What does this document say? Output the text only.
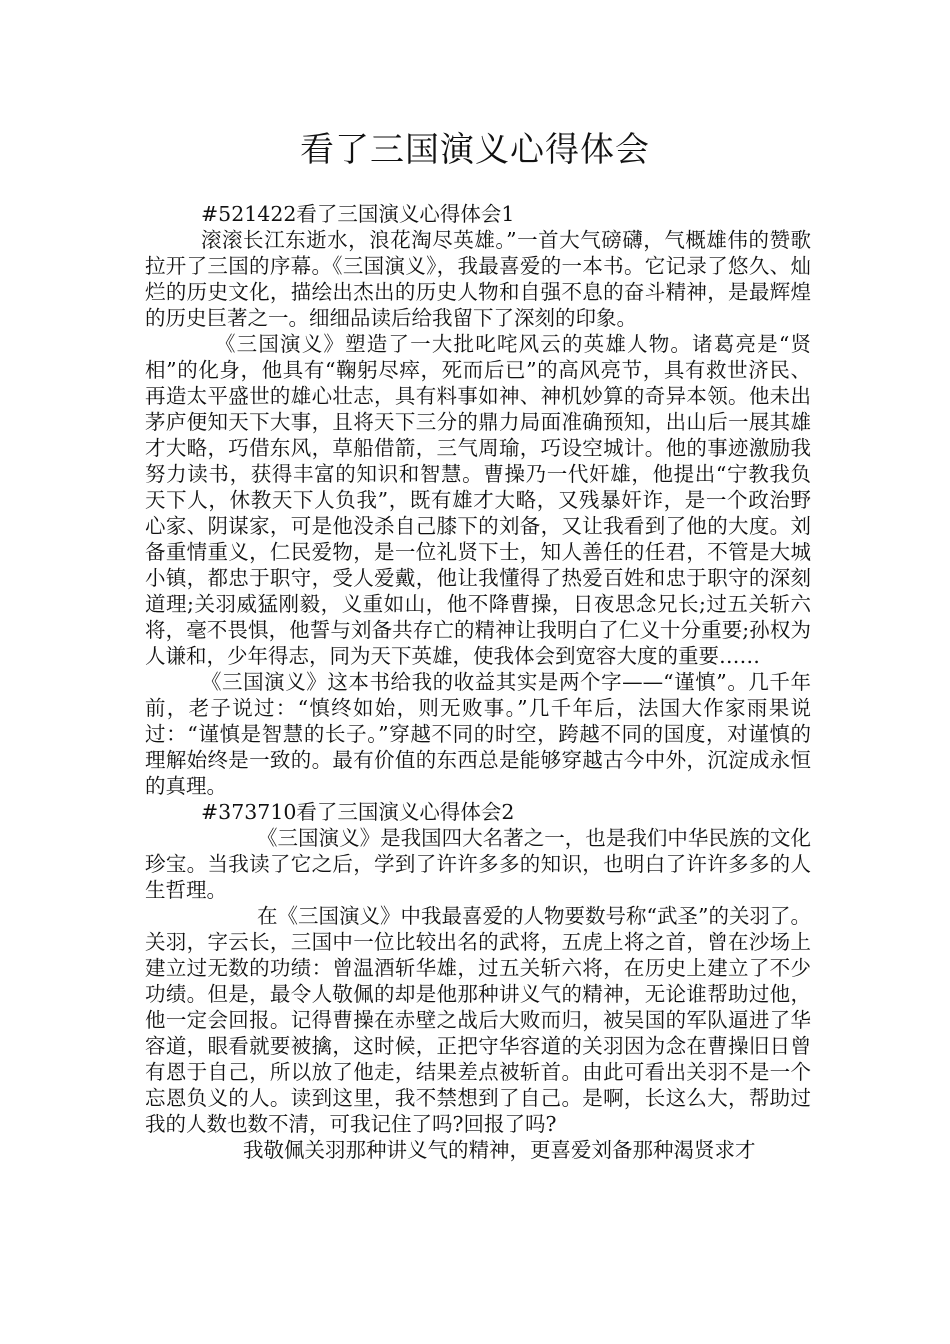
看了三国演义心得体会

#521422看了三国演义心得体会1

滚滚长江东逝水，浪花淘尽英雄。”一首大气磅礴，气概雄伟的赞歌拉开了三国的序幕。《三国演义》，我最喜爱的一本书。它记录了悠久、灿烂的历史文化，描绘出杰出的历史人物和自强不息的奋斗精神，是最辉煌的历史巨著之一。细细品读后给我留下了深刻的印象。

《三国演义》塑造了一大批叱咤风云的英雄人物。诸葛亮是“贤相”的化身，他具有“鞠躬尽瘁，死而后已”的高风亮节，具有救世济民、再造太平盛世的雄心壮志，具有料事如神、神机妙算的奇异本领。他未出茅庐便知天下大事，且将天下三分的鼎力局面准确预知，出山后一展其雄才大略，巧借东风，草船借箭，三气周瑜，巧设空城计。他的事迹激励我努力读书，获得丰富的知识和智慧。曹操乃一代奸雄，他提出“宁教我负天下人，休教天下人负我”，既有雄才大略，又残暴奸诈，是一个政治野心家、阴谋家，可是他没杀自己膝下的刘备，又让我看到了他的大度。刘备重情重义，仁民爱物，是一位礼贤下士，知人善任的任君，不管是大城小镇，都忠于职守，受人爱戴，他让我懂得了热爱百姓和忠于职守的深刻道理;关羽威猛刚毅，义重如山，他不降曹操，日夜思念兄长;过五关斩六将，毫不畏惧，他誓与刘备共存亡的精神让我明白了仁义十分重要;孙权为人谦和，少年得志，同为天下英雄，使我体会到宽容大度的重要……

《三国演义》这本书给我的收益其实是两个字——“谨慎”。几千年前，老子说过：“慎终如始，则无败事。”几千年后，法国大作家雨果说过：“谨慎是智慧的长子。”穿越不同的时空，跨越不同的国度，对谨慎的理解始终是一致的。最有价值的东西总是能够穿越古今中外，沉淀成永恒的真理。

#373710看了三国演义心得体会2

《三国演义》是我国四大名著之一，也是我们中华民族的文化珍宝。当我读了它之后，学到了许许多多的知识，也明白了许许多多的人生哲理。

在《三国演义》中我最喜爱的人物要数号称“武圣”的关羽了。关羽，字云长，三国中一位比较出名的武将，五虎上将之首，曾在沙场上建立过无数的功绩：曾温酒斩华雄，过五关斩六将，在历史上建立了不少功绩。但是，最令人敬佩的却是他那种讲义气的精神，无论谁帮助过他，他一定会回报。记得曹操在赤壁之战后大败而归，被吴国的军队逼进了华容道，眼看就要被擒，这时候，正把守华容道的关羽因为念在曹操旧日曾有恩于自己，所以放了他走，结果差点被斩首。由此可看出关羽不是一个忘恩负义的人。读到这里，我不禁想到了自己。是啊，长这么大，帮助过我的人数也数不清，可我记住了吗?回报了吗?

我敬佩关羽那种讲义气的精神，更喜爱刘备那种渴贤求才
